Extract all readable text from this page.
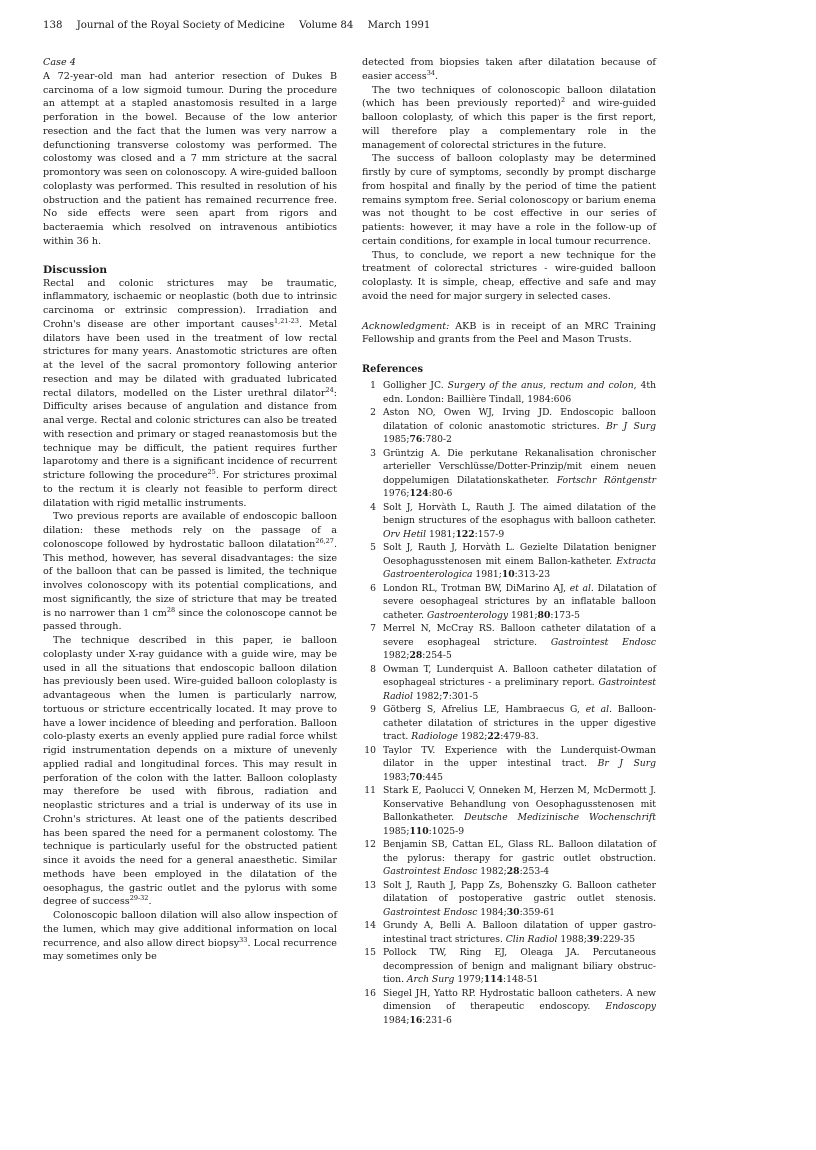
138 Journal of the Royal Society of Medicine Volume 84 March 1991

Case 4

A 72-year-old man had anterior resection of Dukes B carcinoma of a low sigmoid tumour. During the procedure an attempt at a stapled anastomosis resulted in a large perforation in the bowel. Because of the low anterior resection and the fact that the lumen was very narrow a defunctioning transverse colostomy was performed. The colostomy was closed and a 7 mm stricture at the sacral promontory was seen on colonoscopy. A wire-guided balloon coloplasty was performed. This resulted in resolution of his obstruction and the patient has remained recurrence free. No side effects were seen apart from rigors and bacteraemia which resolved on intravenous antibiotics within 36 h.

Discussion

Rectal and colonic strictures may be traumatic, inflammatory, ischaemic or neoplastic (both due to intrinsic carcinoma or extrinsic compression). Irradiation and Crohn's disease are other important causes$^{1,21-23}$. Metal dilators have been used in the treatment of low rectal strictures for many years. Anastomotic strictures are often at the level of the sacral promontory following anterior resection and may be dilated with graduated lubricated rectal dilators, modelled on the Lister urethral dilator$^{24}$: Difficulty arises because of angulation and distance from anal verge. Rectal and colonic strictures can also be treated with resection and primary or staged reanastomosis but the technique may be difficult, the patient requires further laparotomy and there is a significant incidence of recurrent stricture following the procedure$^{25}$. For strictures proximal to the rectum it is clearly not feasible to perform direct dilatation with rigid metallic instruments.

Two previous reports are available of endoscopic balloon dilation: these methods rely on the passage of a colonoscope followed by hydrostatic balloon dilatation$^{26,27}$. This method, however, has several disadvantages: the size of the balloon that can be passed is limited, the technique involves colonoscopy with its potential complications, and most significantly, the size of stricture that may be treated is no narrower than 1 $cm^{28}$ since the colonoscope cannot be passed through.

The technique described in this paper, ie balloon coloplasty under X-ray guidance with a guide wire, may be used in all the situations that endoscopic balloon dilation has previously been used. Wire-guided balloon coloplasty is advantageous when the lumen is particularly narrow, tortuous or stricture eccentrically located. It may prove to have a lower incidence of bleeding and perforation. Balloon colo-plasty exerts an evenly applied pure radial force whilst rigid instrumentation depends on a mixture of unevenly applied radial and longitudinal forces. This may result in perforation of the colon with the latter. Balloon coloplasty may therefore be used with fibrous, radiation and neoplastic strictures and a trial is underway of its use in Crohn's strictures. At least one of the patients described has been spared the need for a permanent colostomy. The technique is particularly useful for the obstructed patient since it avoids the need for a general anaesthetic. Similar methods have been employed in the dilatation of the oesophagus, the gastric outlet and the pylorus with some degree of success$^{29-32}$.

Colonoscopic balloon dilation will also allow inspection of the lumen, which may give additional information on local recurrence, and also allow direct biopsy$^{33}$. Local recurrence may sometimes only be

detected from biopsies taken after dilatation because of easier access$^{34}$.

The two techniques of colonoscopic balloon dilatation (which has been previously reported)$^2$ and wire-guided balloon coloplasty, of which this paper is the first report, will therefore play a complementary role in the management of colorectal strictures in the future.

The success of balloon coloplasty may be determined firstly by cure of symptoms, secondly by prompt discharge from hospital and finally by the period of time the patient remains symptom free. Serial colonoscopy or barium enema was not thought to be cost effective in our series of patients: however, it may have a role in the follow-up of certain conditions, for example in local tumour recurrence.

Thus, to conclude, we report a new technique for the treatment of colorectal strictures - wire-guided balloon coloplasty. It is simple, cheap, effective and safe and may avoid the need for major surgery in selected cases.

Acknowledgment: AKB is in receipt of an MRC Training Fellowship and grants from the Peel and Mason Trusts.

References
1 Golligher JC. Surgery of the anus, rectum and colon, 4th edn. London: Baillière Tindall, 1984:606
2 Aston NO, Owen WJ, Irving JD. Endoscopic balloon dilatation of colonic anastomotic strictures. Br J Surg 1985;76:780-2
3 Grüntzig A. Die perkutane Rekanalisation chronischer arterieller Verschlüsse/Dotter-Prinzip/mit einem neuen doppelumigen Dilatationskatheter. Fortschr Röntgenstr 1976;124:80-6
4 Solt J, Horvàth L, Rauth J. The aimed dilatation of the benign structures of the esophagus with balloon catheter. Orv Hetil 1981;122:157-9
5 Solt J, Rauth J, Horvàth L. Gezielte Dilatation benigner Oesophagusstenosen mit einem Ballon-katheter. Extracta Gastroenterologica 1981;10:313-23
6 London RL, Trotman BW, DiMarino AJ, et al. Dilatation of severe oesophageal strictures by an inflatable balloon catheter. Gastroenterology 1981;80:173-5
7 Merrel N, McCray RS. Balloon catheter dilatation of a severe esophageal stricture. Gastrointest Endosc 1982;28:254-5
8 Owman T, Lunderquist A. Balloon catheter dilatation of esophageal strictures - a preliminary report. Gastrointest Radiol 1982;7:301-5
9 Götberg S, Afrelius LE, Hambraecus G, et al. Balloon-catheter dilatation of strictures in the upper digestive tract. Radiologe 1982;22:479-83.
10 Taylor TV. Experience with the Lunderquist-Owman dilator in the upper intestinal tract. Br J Surg 1983;70:445
11 Stark E, Paolucci V, Onneken M, Herzen M, McDermott J. Konservative Behandlung von Oesophagusstenosen mit Ballonkatheter. Deutsche Medizinische Wochenschrift 1985;110:1025-9
12 Benjamin SB, Cattan EL, Glass RL. Balloon dilatation of the pylorus: therapy for gastric outlet obstruction. Gastrointest Endosc 1982;28:253-4
13 Solt J, Rauth J, Papp Zs, Bohenszky G. Balloon catheter dilatation of postoperative gastric outlet stenosis. Gastrointest Endosc 1984;30:359-61
14 Grundy A, Belli A. Balloon dilatation of upper gastro-intestinal tract strictures. Clin Radiol 1988;39:229-35
15 Pollock TW, Ring EJ, Oleaga JA. Percutaneous decompression of benign and malignant biliary obstruc-tion. Arch Surg 1979;114:148-51
16 Siegel JH, Yatto RP. Hydrostatic balloon catheters. A new dimension of therapeutic endoscopy. Endoscopy 1984;16:231-6
